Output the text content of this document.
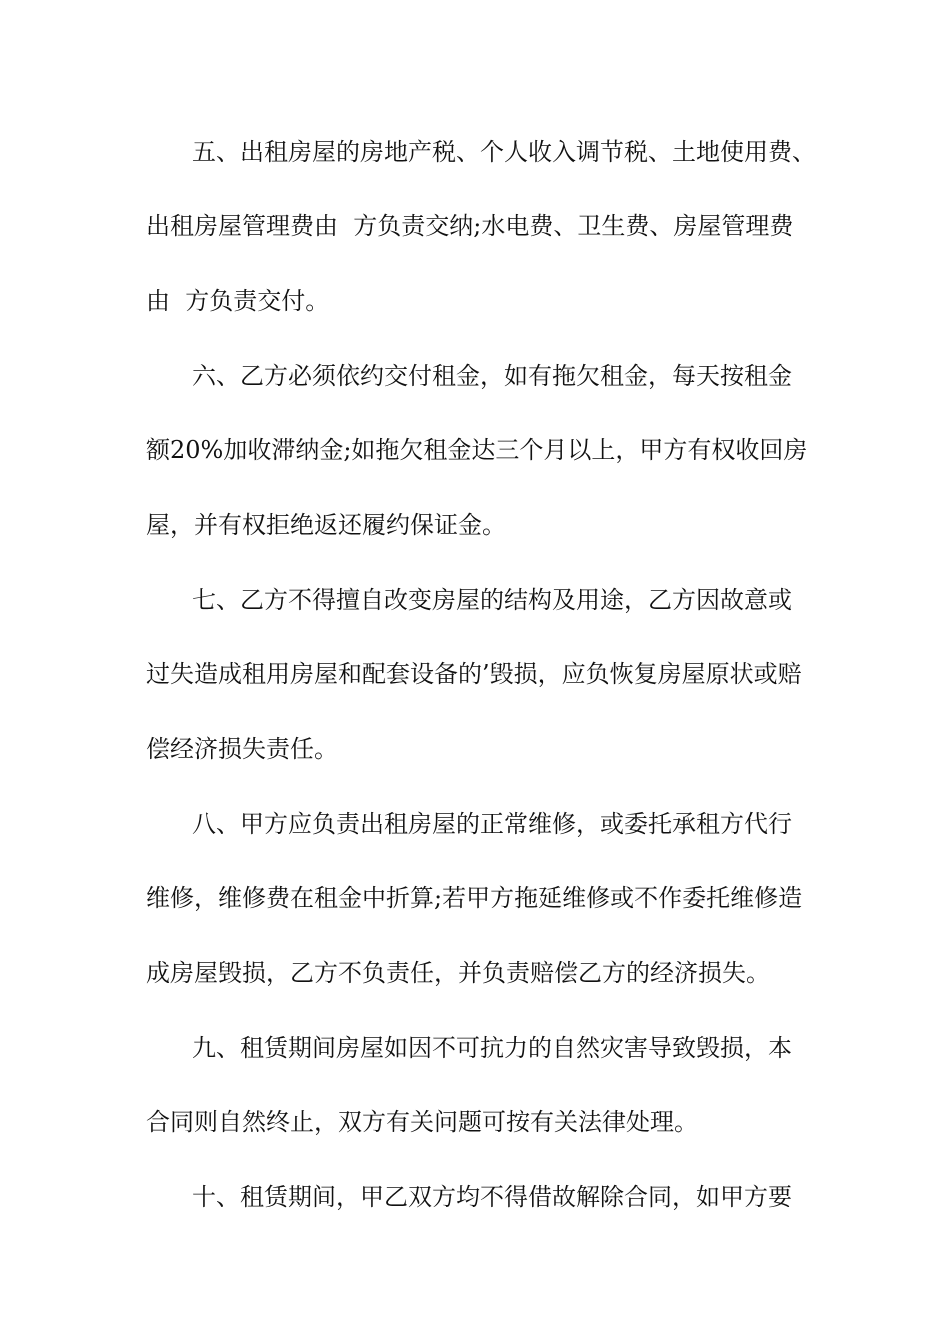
五、出租房屋的房地产税、个人收入调节税、土地使用费、

出租房屋管理费由  方负责交纳;水电费、卫生费、房屋管理费

由  方负责交付。

六、乙方必须依约交付租金，如有拖欠租金，每天按租金

额20%加收滞纳金;如拖欠租金达三个月以上，甲方有权收回房

屋，并有权拒绝返还履约保证金。

七、乙方不得擅自改变房屋的结构及用途，乙方因故意或

过失造成租用房屋和配套设备的’毁损，应负恢复房屋原状或赔

偿经济损失责任。

八、甲方应负责出租房屋的正常维修，或委托承租方代行

维修，维修费在租金中折算;若甲方拖延维修或不作委托维修造

成房屋毁损，乙方不负责任，并负责赔偿乙方的经济损失。

九、租赁期间房屋如因不可抗力的自然灾害导致毁损，本

合同则自然终止，双方有关问题可按有关法律处理。

十、租赁期间，甲乙双方均不得借故解除合同，如甲方要
